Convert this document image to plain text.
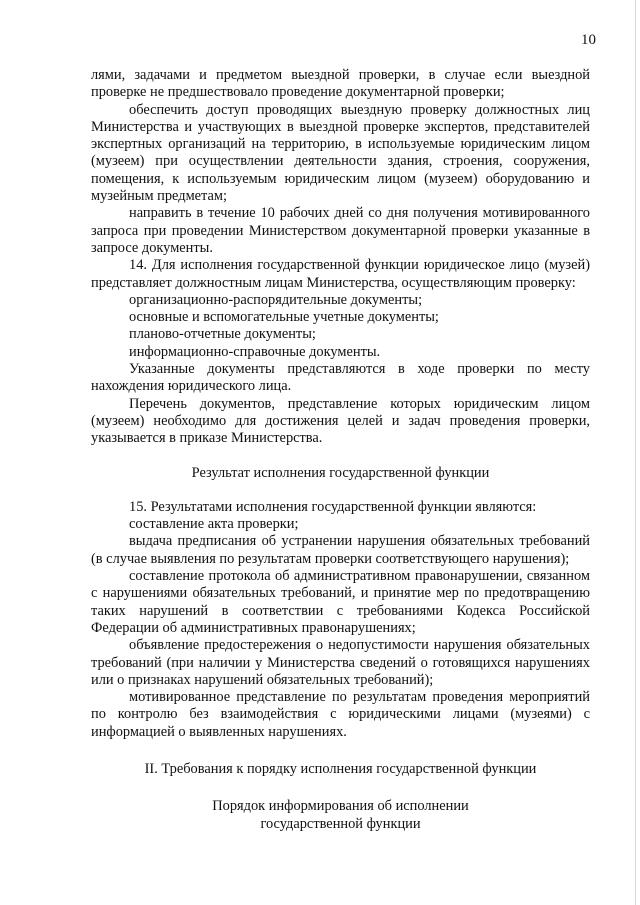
10

лями, задачами и предметом выездной проверки, в случае если выездной проверке не предшествовало проведение документарной проверки;

обеспечить доступ проводящих выездную проверку должностных лиц Министерства и участвующих в выездной проверке экспертов, представителей экспертных организаций на территорию, в используемые юридическим лицом (музеем) при осуществлении деятельности здания, строения, сооружения, помещения, к используемым юридическим лицом (музеем) оборудованию и музейным предметам;

направить в течение 10 рабочих дней со дня получения мотивированного запроса при проведении Министерством документарной проверки указанные в запросе документы.

14. Для исполнения государственной функции юридическое лицо (музей) представляет должностным лицам Министерства, осуществляющим проверку:

организационно-распорядительные документы;

основные и вспомогательные учетные документы;

планово-отчетные документы;

информационно-справочные документы.

Указанные документы представляются в ходе проверки по месту нахождения юридического лица.

Перечень документов, представление которых юридическим лицом (музеем) необходимо для достижения целей и задач проведения проверки, указывается в приказе Министерства.

Результат исполнения государственной функции

15. Результатами исполнения государственной функции являются:

составление акта проверки;

выдача предписания об устранении нарушения обязательных требований (в случае выявления по результатам проверки соответствующего нарушения);

составление протокола об административном правонарушении, связанном с нарушениями обязательных требований, и принятие мер по предотвращению таких нарушений в соответствии с требованиями Кодекса Российской Федерации об административных правонарушениях;

объявление предостережения о недопустимости нарушения обязательных требований (при наличии у Министерства сведений о готовящихся нарушениях или о признаках нарушений обязательных требований);

мотивированное представление по результатам проведения мероприятий по контролю без взаимодействия с юридическими лицами (музеями) с информацией о выявленных нарушениях.

II. Требования к порядку исполнения государственной функции

Порядок информирования об исполнении

государственной функции
